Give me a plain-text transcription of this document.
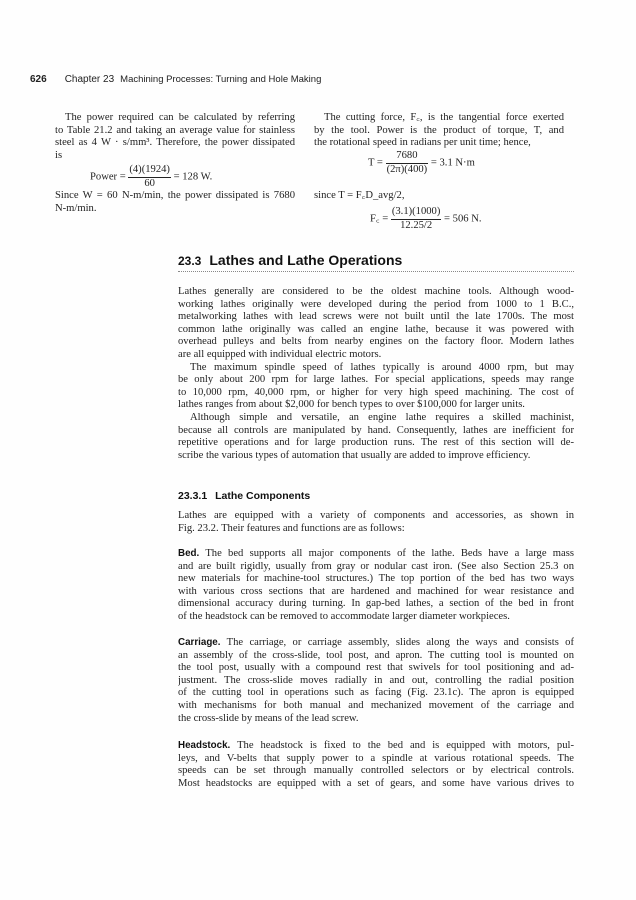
626 Chapter 23 Machining Processes: Turning and Hole Making
The power required can be calculated by referring
to Table 21.2 and taking an average value for stainless
steel as 4 W · s/mm³. Therefore, the power dissipated
is
Power = $\frac{(4)(1924)}{60} = 128$ W.
Since W = 60 N-m/min, the power dissipated is 7680
N-m/min.
The cutting force, F꜀, is the tangential force exerted
by the tool. Power is the product of torque, T, and
the rotational speed in radians per unit time; hence,
$T = \frac{7680}{(2\pi)(400)} = 3.1$ N·m
since T = F꜀D_avg/2,
F꜀ = $\frac{(3.1)(1000)}{12.25/2} = 506$ N.
23.3 Lathes and Lathe Operations
Lathes generally are considered to be the oldest machine tools. Although wood-
working lathes originally were developed during the period from 1000 to 1 B.C.,
metalworking lathes with lead screws were not built until the late 1700s. The most
common lathe originally was called an engine lathe, because it was powered with
overhead pulleys and belts from nearby engines on the factory floor. Modern lathes
are all equipped with individual electric motors.
The maximum spindle speed of lathes typically is around 4000 rpm, but may
be only about 200 rpm for large lathes. For special applications, speeds may range
to 10,000 rpm, 40,000 rpm, or higher for very high speed machining. The cost of
lathes ranges from about $2,000 for bench types to over $100,000 for larger units.
Although simple and versatile, an engine lathe requires a skilled machinist,
because all controls are manipulated by hand. Consequently, lathes are inefficient for
repetitive operations and for large production runs. The rest of this section will de-
scribe the various types of automation that usually are added to improve efficiency.
23.3.1 Lathe Components
Lathes are equipped with a variety of components and accessories, as shown in
Fig. 23.2. Their features and functions are as follows:
Bed. The bed supports all major components of the lathe. Beds have a large mass
and are built rigidly, usually from gray or nodular cast iron. (See also Section 25.3 on
new materials for machine-tool structures.) The top portion of the bed has two ways
with various cross sections that are hardened and machined for wear resistance and
dimensional accuracy during turning. In gap-bed lathes, a section of the bed in front
of the headstock can be removed to accommodate larger diameter workpieces.
Carriage. The carriage, or carriage assembly, slides along the ways and consists of
an assembly of the cross-slide, tool post, and apron. The cutting tool is mounted on
the tool post, usually with a compound rest that swivels for tool positioning and ad-
justment. The cross-slide moves radially in and out, controlling the radial position
of the cutting tool in operations such as facing (Fig. 23.1c). The apron is equipped
with mechanisms for both manual and mechanized movement of the carriage and
the cross-slide by means of the lead screw.
Headstock. The headstock is fixed to the bed and is equipped with motors, pul-
leys, and V-belts that supply power to a spindle at various rotational speeds. The
speeds can be set through manually controlled selectors or by electrical controls.
Most headstocks are equipped with a set of gears, and some have various drives to
